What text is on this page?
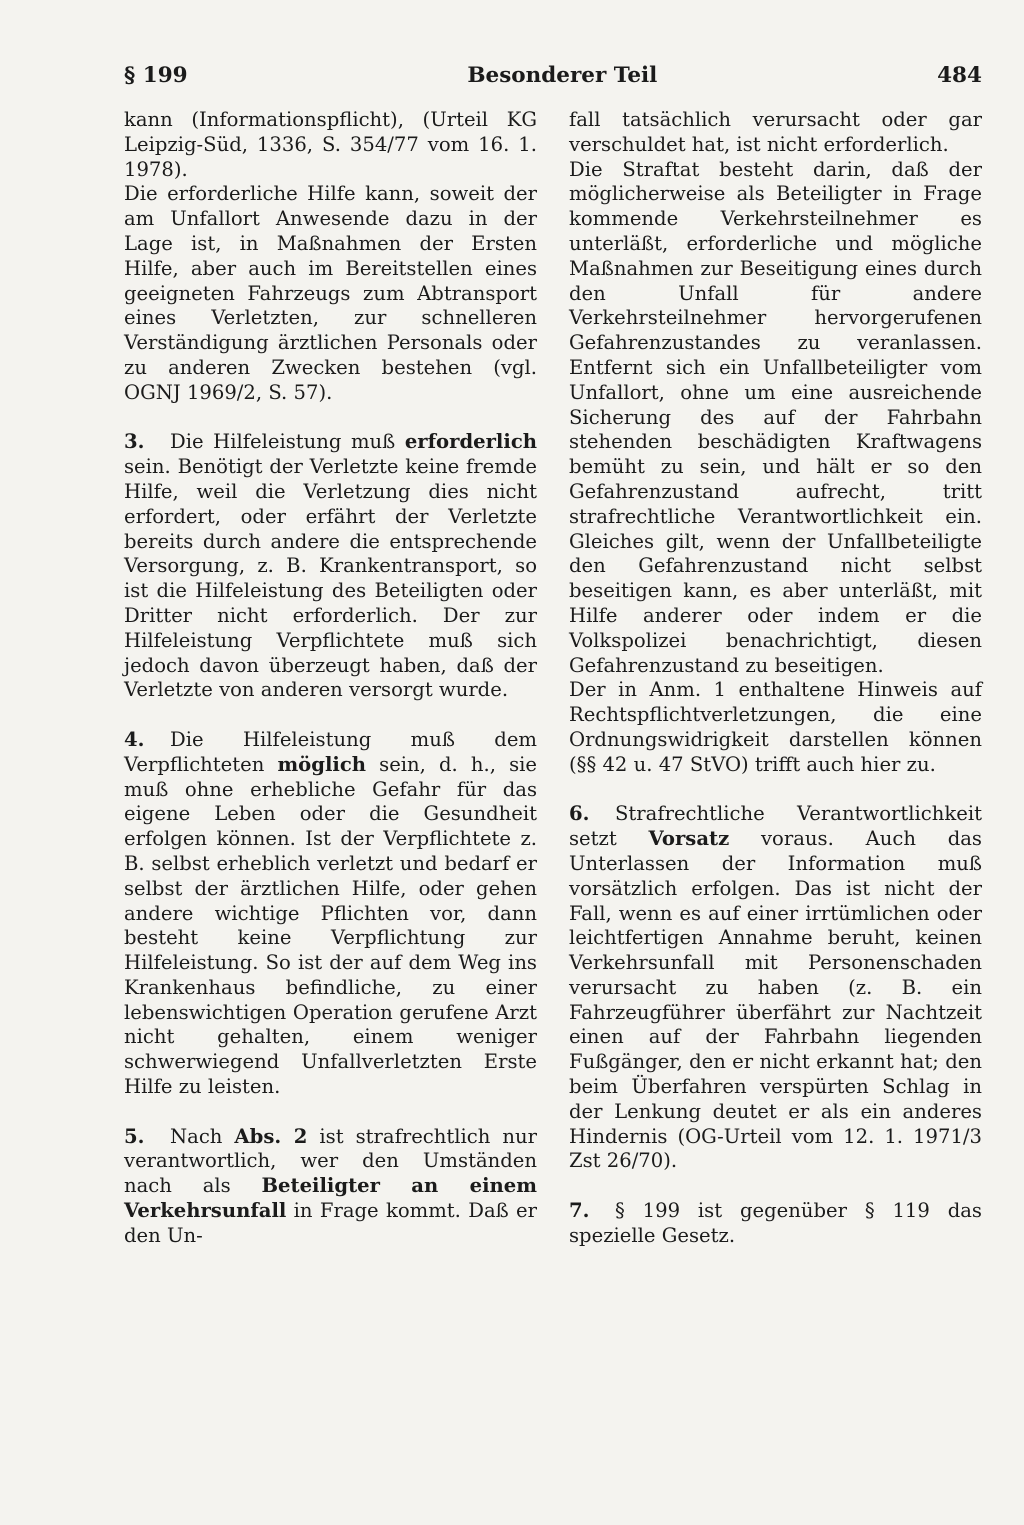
§ 199	Besonderer Teil	484

kann (Informationspflicht), (Urteil KG Leipzig-Süd, 1336, S. 354/77 vom 16. 1. 1978).

Die erforderliche Hilfe kann, soweit der am Unfallort Anwesende dazu in der Lage ist, in Maßnahmen der Ersten Hilfe, aber auch im Bereitstellen eines geeigneten Fahrzeugs zum Abtransport eines Verletzten, zur schnelleren Verständigung ärztlichen Personals oder zu anderen Zwecken bestehen (vgl. OGNJ 1969/2, S. 57).

3. Die Hilfeleistung muß erforderlich sein. Benötigt der Verletzte keine fremde Hilfe, weil die Verletzung dies nicht erfordert, oder erfährt der Verletzte bereits durch andere die entsprechende Versorgung, z. B. Krankentransport, so ist die Hilfeleistung des Beteiligten oder Dritter nicht erforderlich. Der zur Hilfeleistung Verpflichtete muß sich jedoch davon überzeugt haben, daß der Verletzte von anderen versorgt wurde.

4. Die Hilfeleistung muß dem Verpflichteten möglich sein, d. h., sie muß ohne erhebliche Gefahr für das eigene Leben oder die Gesundheit erfolgen können. Ist der Verpflichtete z. B. selbst erheblich verletzt und bedarf er selbst der ärztlichen Hilfe, oder gehen andere wichtige Pflichten vor, dann besteht keine Verpflichtung zur Hilfeleistung. So ist der auf dem Weg ins Krankenhaus befindliche, zu einer lebenswichtigen Operation gerufene Arzt nicht gehalten, einem weniger schwerwiegend Unfallverletzten Erste Hilfe zu leisten.

5. Nach Abs. 2 ist strafrechtlich nur verantwortlich, wer den Umständen nach als Beteiligter an einem Verkehrsunfall in Frage kommt. Daß er den Un-

fall tatsächlich verursacht oder gar verschuldet hat, ist nicht erforderlich.

Die Straftat besteht darin, daß der möglicherweise als Beteiligter in Frage kommende Verkehrsteilnehmer es unterläßt, erforderliche und mögliche Maßnahmen zur Beseitigung eines durch den Unfall für andere Verkehrsteilnehmer hervorgerufenen Gefahrenzustandes zu veranlassen. Entfernt sich ein Unfallbeteiligter vom Unfallort, ohne um eine ausreichende Sicherung des auf der Fahrbahn stehenden beschädigten Kraftwagens bemüht zu sein, und hält er so den Gefahrenzustand aufrecht, tritt strafrechtliche Verantwortlichkeit ein. Gleiches gilt, wenn der Unfallbeteiligte den Gefahrenzustand nicht selbst beseitigen kann, es aber unterläßt, mit Hilfe anderer oder indem er die Volkspolizei benachrichtigt, diesen Gefahrenzustand zu beseitigen.

Der in Anm. 1 enthaltene Hinweis auf Rechtspflichtverletzungen, die eine Ordnungswidrigkeit darstellen können (§§ 42 u. 47 StVO) trifft auch hier zu.

6. Strafrechtliche Verantwortlichkeit setzt Vorsatz voraus. Auch das Unterlassen der Information muß vorsätzlich erfolgen. Das ist nicht der Fall, wenn es auf einer irrtümlichen oder leichtfertigen Annahme beruht, keinen Verkehrsunfall mit Personenschaden verursacht zu haben (z. B. ein Fahrzeugführer überfährt zur Nachtzeit einen auf der Fahrbahn liegenden Fußgänger, den er nicht erkannt hat; den beim Überfahren verspürten Schlag in der Lenkung deutet er als ein anderes Hindernis (OG-Urteil vom 12. 1. 1971/3 Zst 26/70).

7. § 199 ist gegenüber § 119 das spezielle Gesetz.
